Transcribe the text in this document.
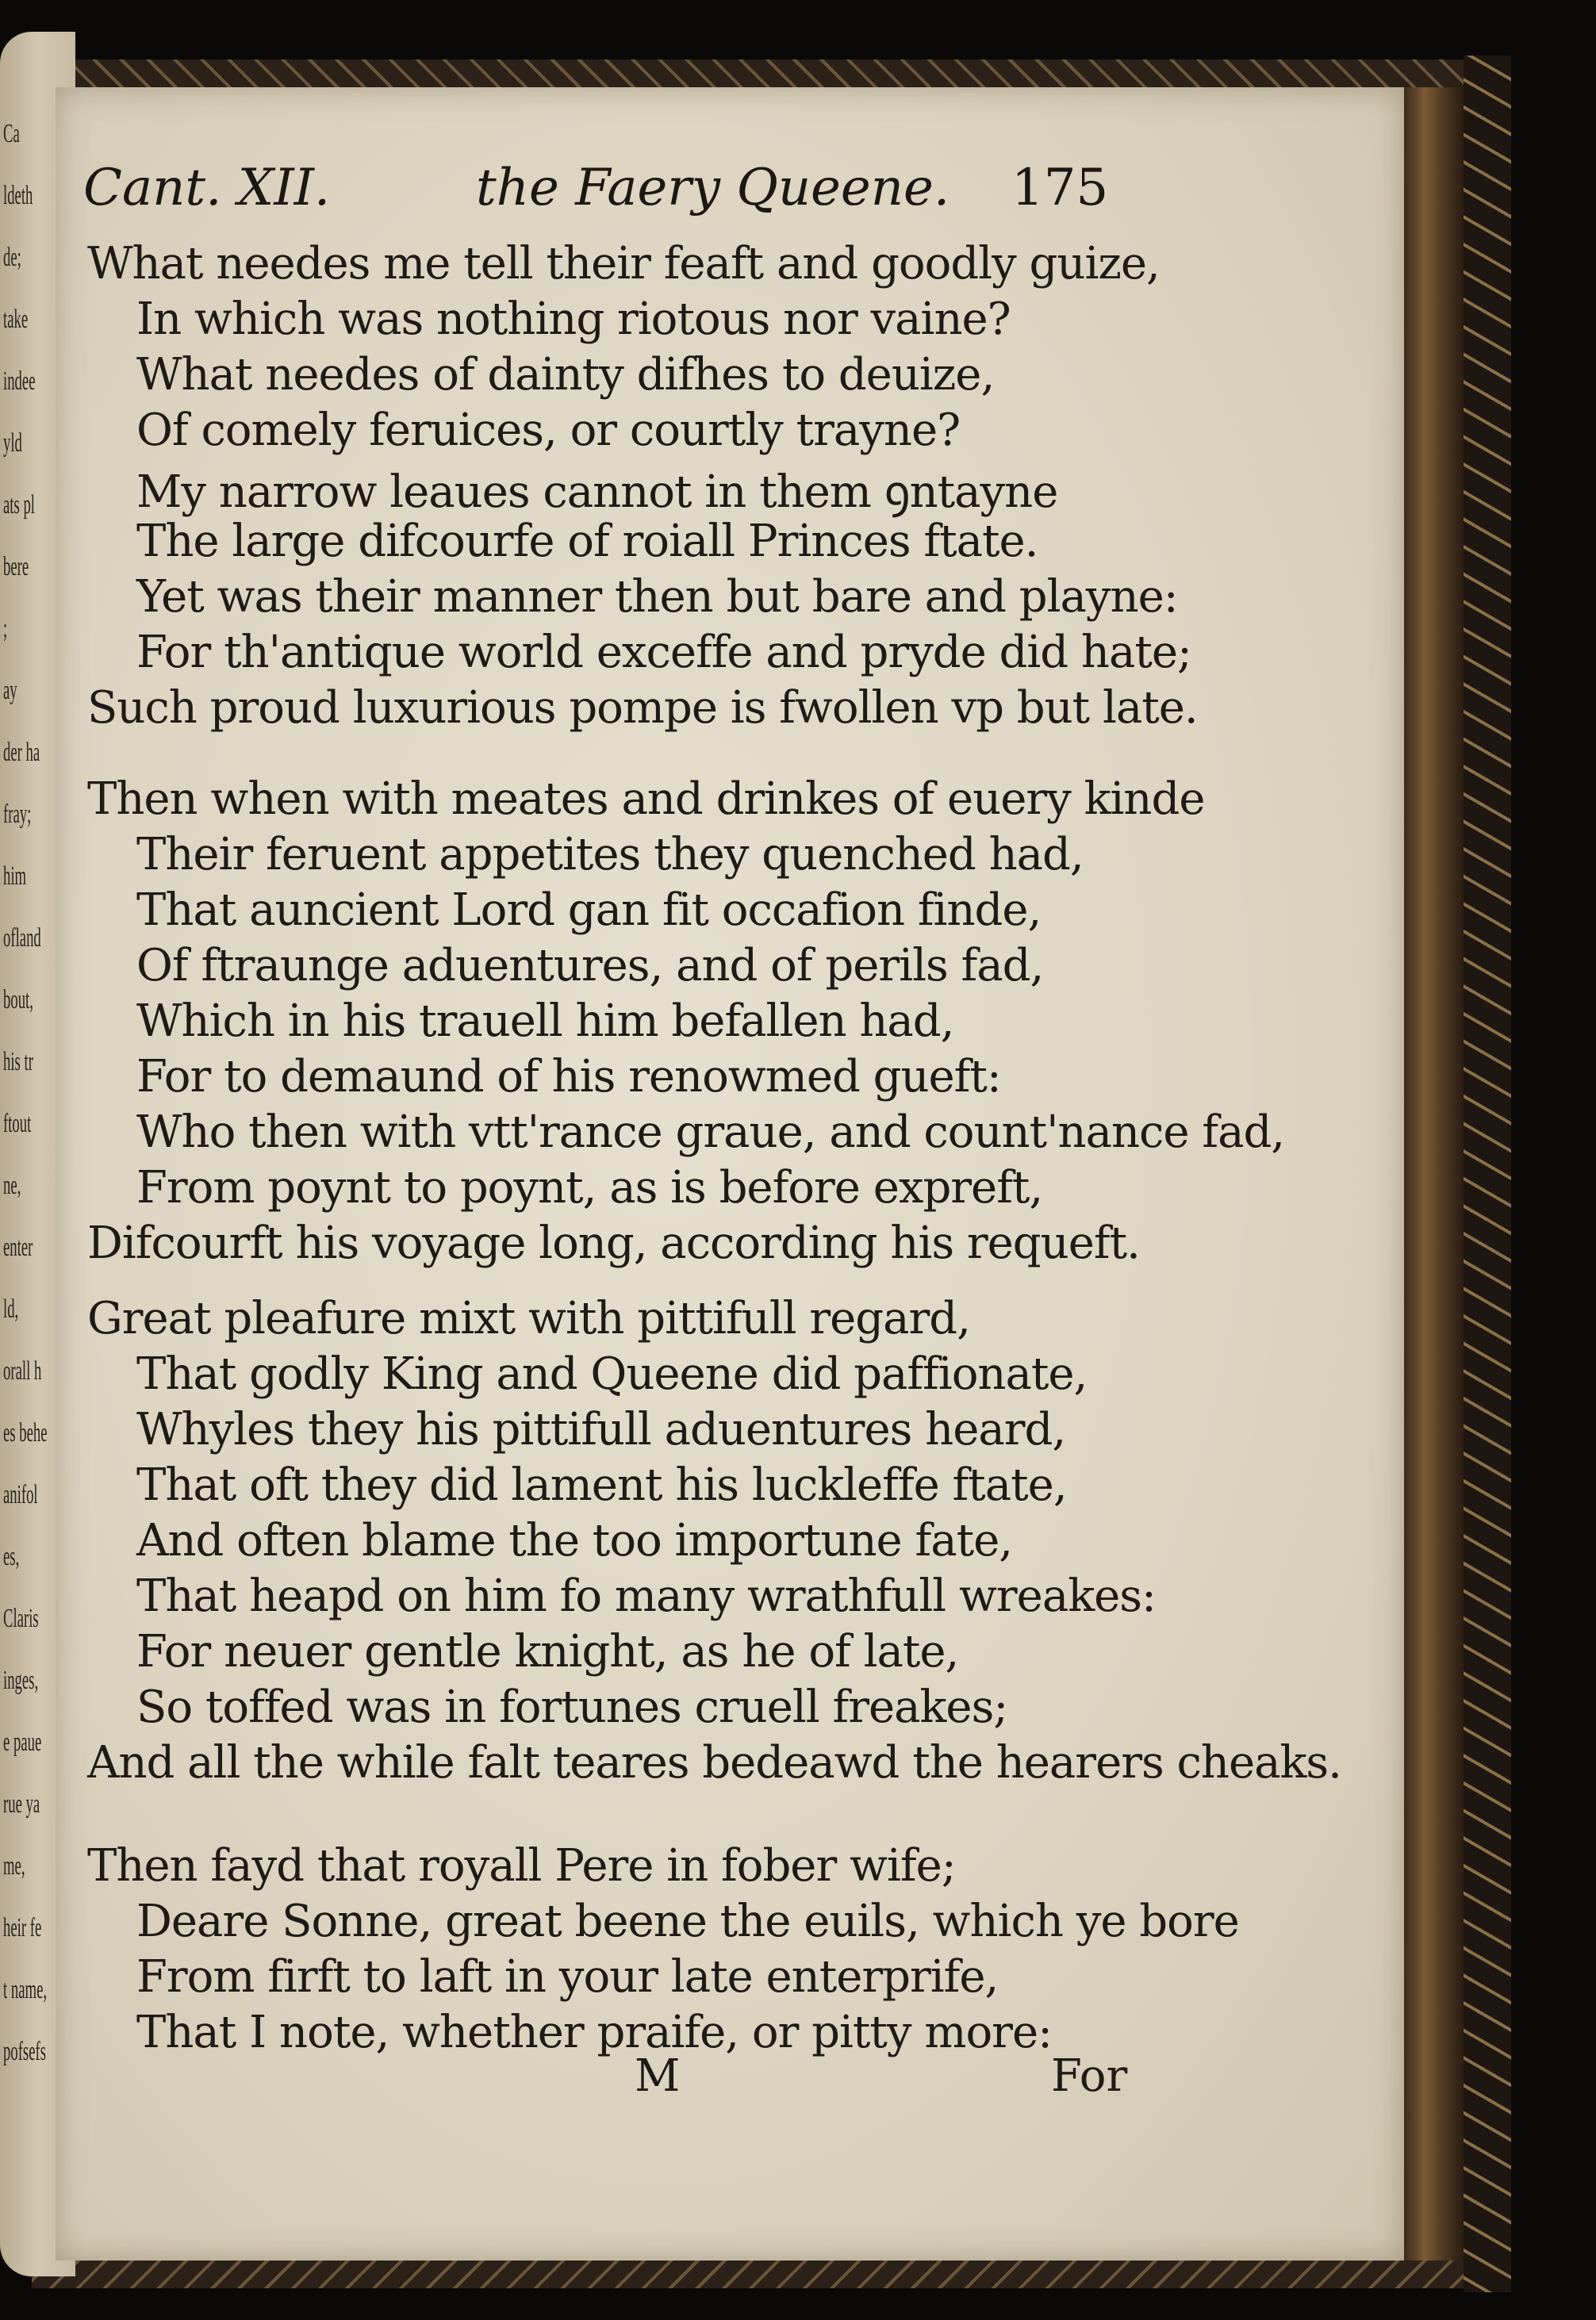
Ca
ldeth
de;
take
indee
yld
ats pl
bere
;
ay
der ha
fray;
him
ofland
bout,
his tr
ftout
ne,
enter
ld,
orall h
es behe
anifol
es,
Claris
inges,
e paue
rue ya
me,
heir fe
t name,
pofsefs
Cant. XII.	the Faery Queene. 175
What needes me tell their feaft and goodly guize,
In which was nothing riotous nor vaine?
What needes of dainty difhes to deuize,
Of comely feruices, or courtly trayne?
My narrow leaues cannot in them ꝯntayne
The large difcourfe of roiall Princes ftate.
Yet was their manner then but bare and playne:
For th'antique world exceffe and pryde did hate;
Such proud luxurious pompe is fwollen vp but late.
Then when with meates and drinkes of euery kinde
Their feruent appetites they quenched had,
That auncient Lord gan fit occafion finde,
Of ftraunge aduentures, and of perils fad,
Which in his trauell him befallen had,
For to demaund of his renowmed gueft:
Who then with vtt'rance graue, and count'nance fad,
From poynt to poynt, as is before expreft,
Difcourft his voyage long, according his requeft.
Great pleafure mixt with pittifull regard,
That godly King and Queene did paffionate,
Whyles they his pittifull aduentures heard,
That oft they did lament his luckleffe ftate,
And often blame the too importune fate,
That heapd on him fo many wrathfull wreakes:
For neuer gentle knight, as he of late,
So toffed was in fortunes cruell freakes;
And all the while falt teares bedeawd the hearers cheaks.
Then fayd that royall Pere in fober wife;
Deare Sonne, great beene the euils, which ye bore
From firft to laft in your late enterprife,
That I note, whether praife, or pitty more:
M	For
